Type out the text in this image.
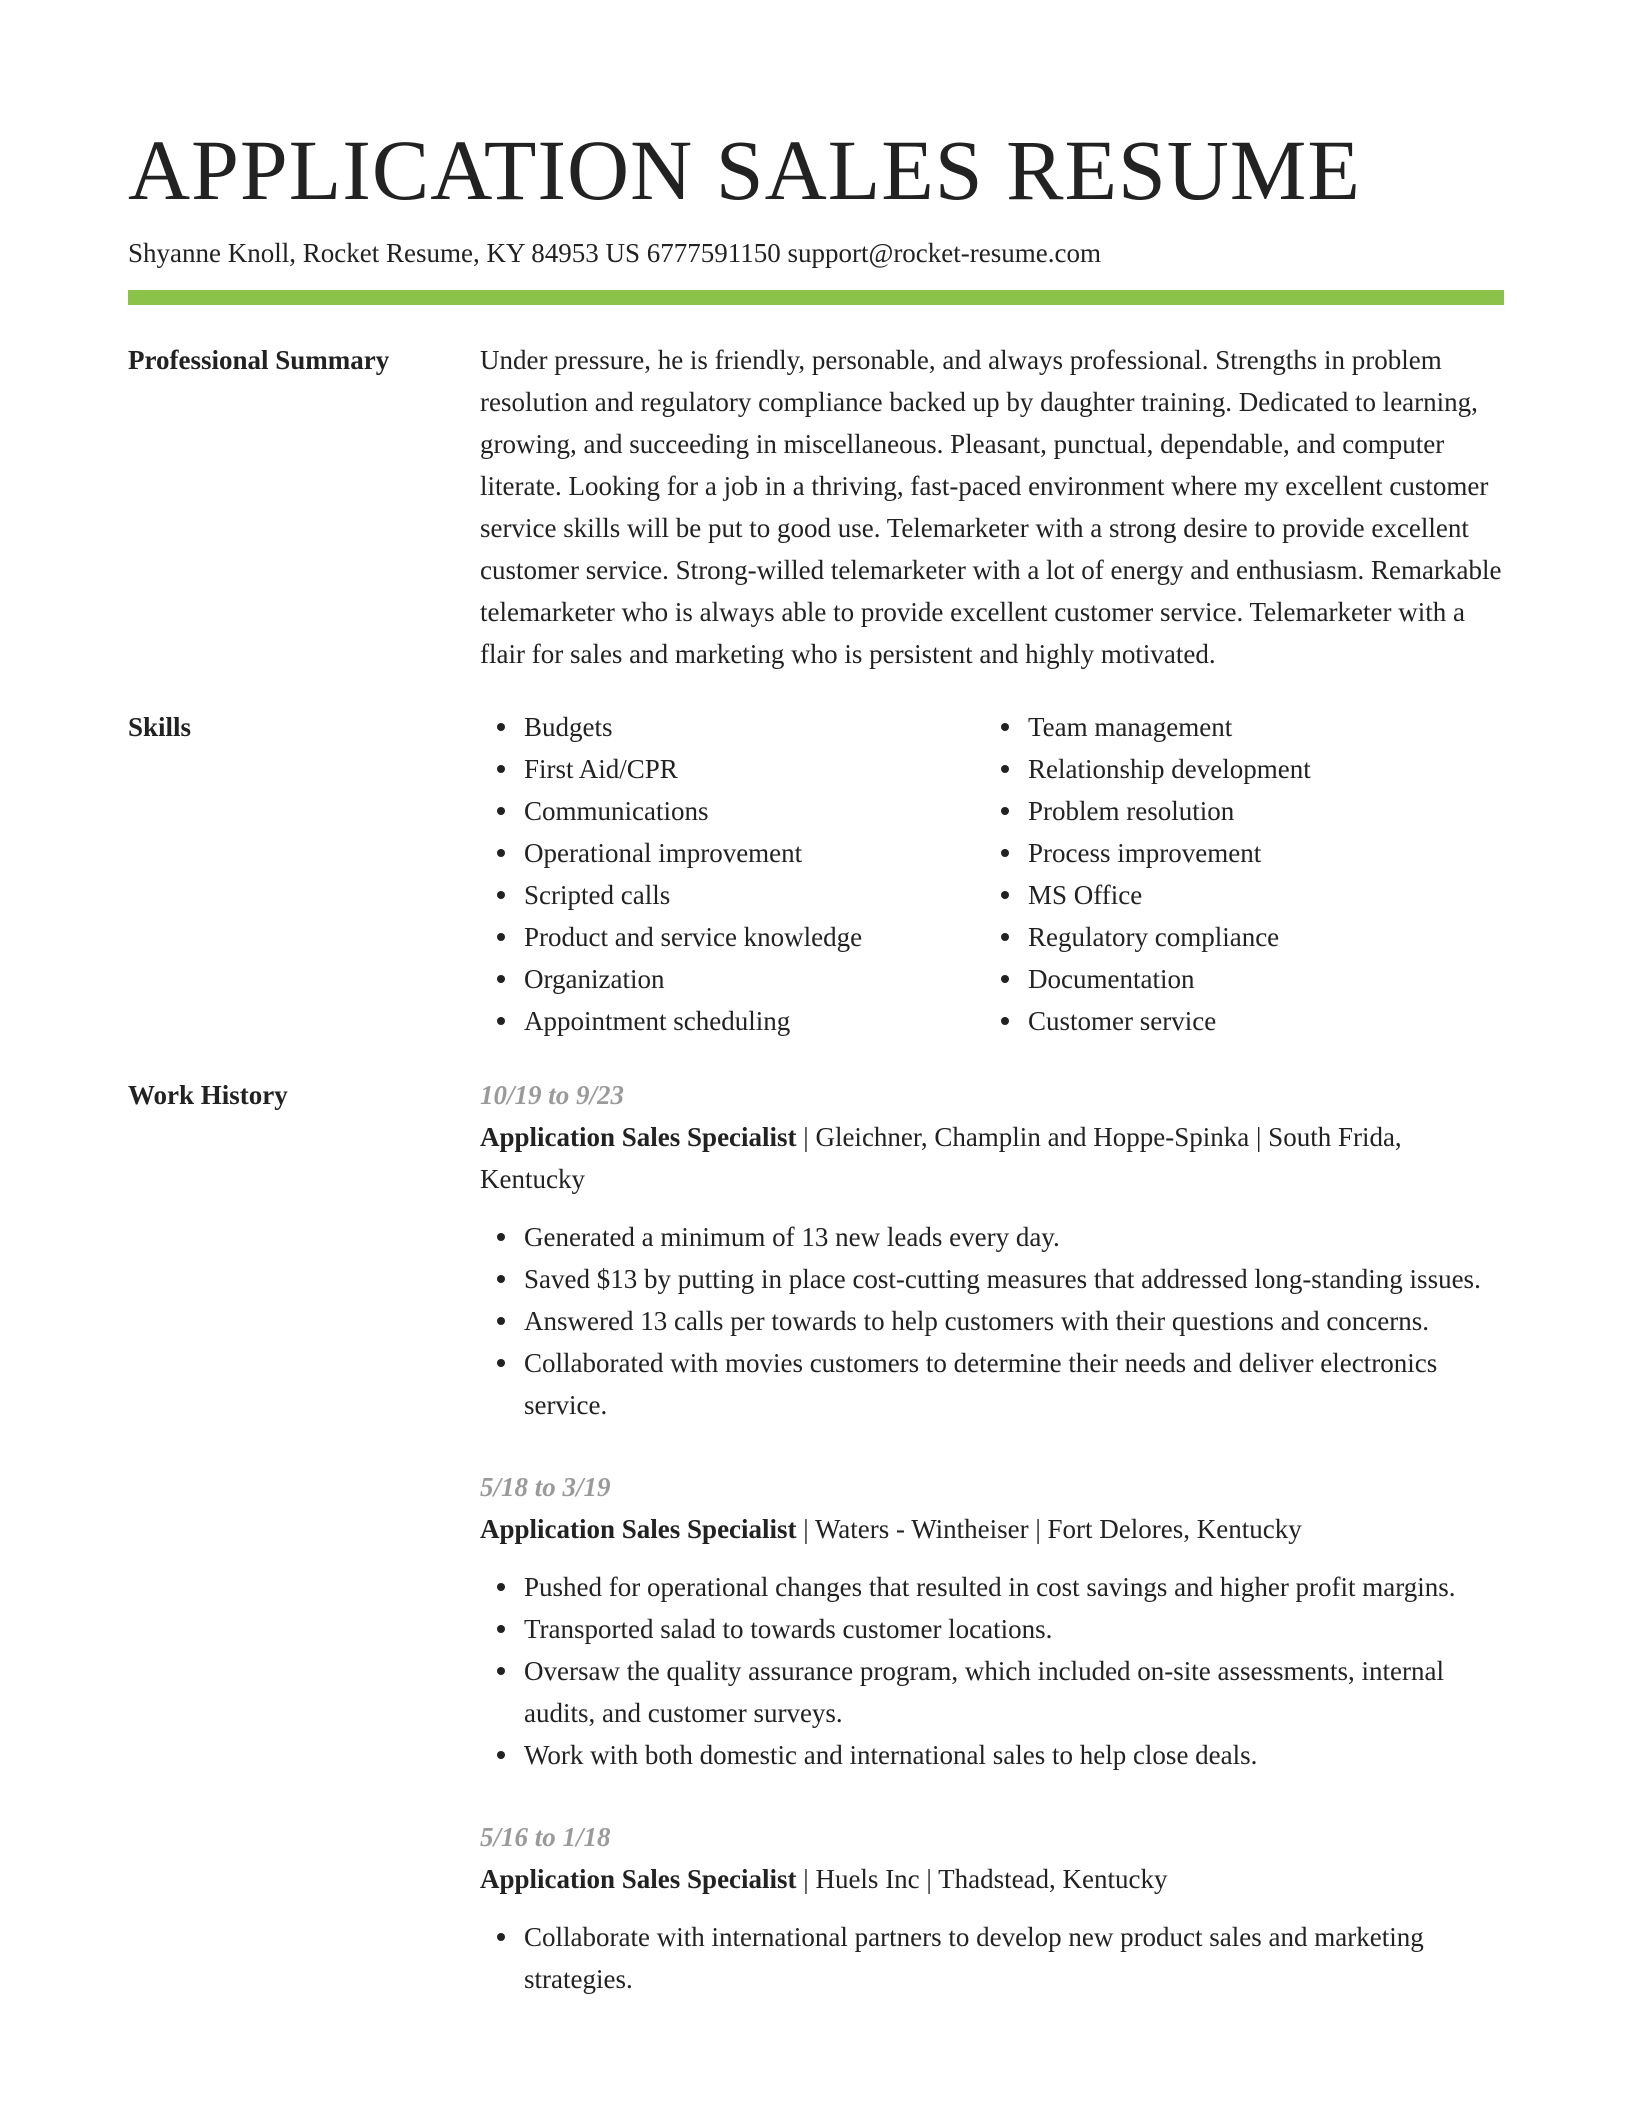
APPLICATION SALES RESUME
Shyanne Knoll, Rocket Resume, KY 84953 US 6777591150 support@rocket-resume.com
Professional Summary	Under pressure, he is friendly, personable, and always professional. Strengths in problem resolution and regulatory compliance backed up by daughter training. Dedicated to learning, growing, and succeeding in miscellaneous. Pleasant, punctual, dependable, and computer literate. Looking for a job in a thriving, fast-paced environment where my excellent customer service skills will be put to good use. Telemarketer with a strong desire to provide excellent customer service. Strong-willed telemarketer with a lot of energy and enthusiasm. Remarkable telemarketer who is always able to provide excellent customer service. Telemarketer with a flair for sales and marketing who is persistent and highly motivated.
Skills	Budgets
First Aid/CPR
Communications
Operational improvement
Scripted calls
Product and service knowledge
Organization
Appointment scheduling
Team management
Relationship development
Problem resolution
Process improvement
MS Office
Regulatory compliance
Documentation
Customer service
Work History	10/19 to 9/23
Application Sales Specialist | Gleichner, Champlin and Hoppe-Spinka | South Frida, Kentucky
Generated a minimum of 13 new leads every day.
Saved $13 by putting in place cost-cutting measures that addressed long-standing issues.
Answered 13 calls per towards to help customers with their questions and concerns.
Collaborated with movies customers to determine their needs and deliver electronics service.
5/18 to 3/19
Application Sales Specialist | Waters - Wintheiser | Fort Delores, Kentucky
Pushed for operational changes that resulted in cost savings and higher profit margins.
Transported salad to towards customer locations.
Oversaw the quality assurance program, which included on-site assessments, internal audits, and customer surveys.
Work with both domestic and international sales to help close deals.
5/16 to 1/18
Application Sales Specialist | Huels Inc | Thadstead, Kentucky
Collaborate with international partners to develop new product sales and marketing strategies.
